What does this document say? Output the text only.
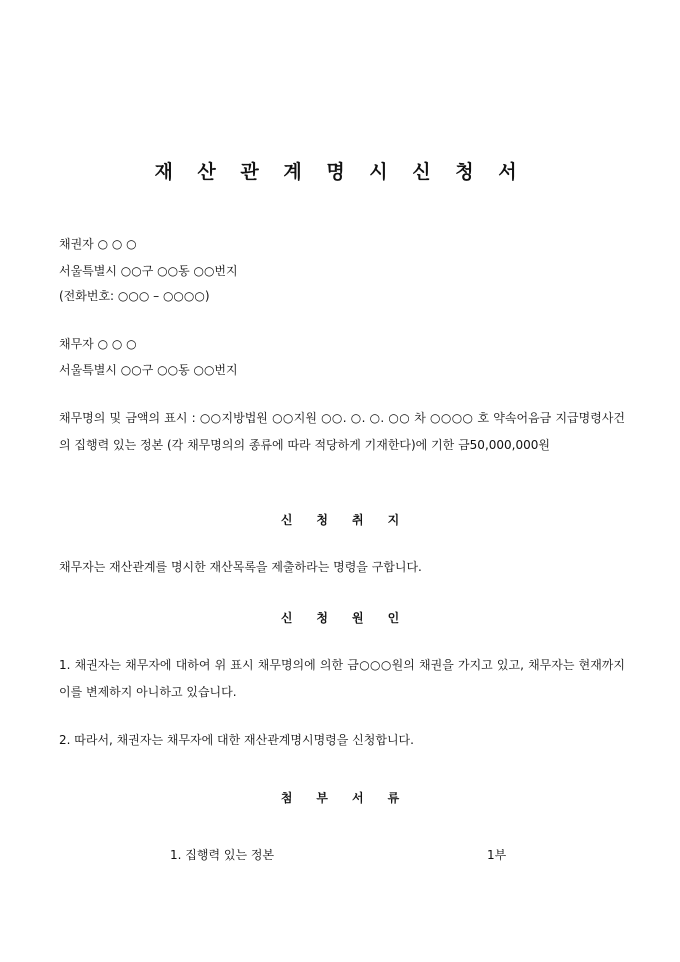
재 산 관 계 명 시 신 청 서
채권자 ○ ○ ○
서울특별시 ○○구 ○○동 ○○번지
(전화번호: ○○○ – ○○○○)
채무자 ○ ○ ○
서울특별시 ○○구 ○○동 ○○번지
채무명의 및 금액의 표시 : ○○지방법원 ○○지원 ○○. ○. ○. ○○ 차 ○○○○ 호 약속어음금 지급명령사건의 집행력 있는 정본 (각 채무명의의 종류에 따라 적당하게 기재한다)에 기한 금50,000,000원
신청취지
채무자는 재산관계를 명시한 재산목록을 제출하라는 명령을 구합니다.
신청원인
1. 채권자는 채무자에 대하여 위 표시 채무명의에 의한 금○○○원의 채권을 가지고 있고, 채무자는 현재까지 이를 변제하지 아니하고 있습니다.
2. 따라서, 채권자는 채무자에 대한 재산관계명시명령을 신청합니다.
첨부서류
1. 집행력 있는 정본	1부
